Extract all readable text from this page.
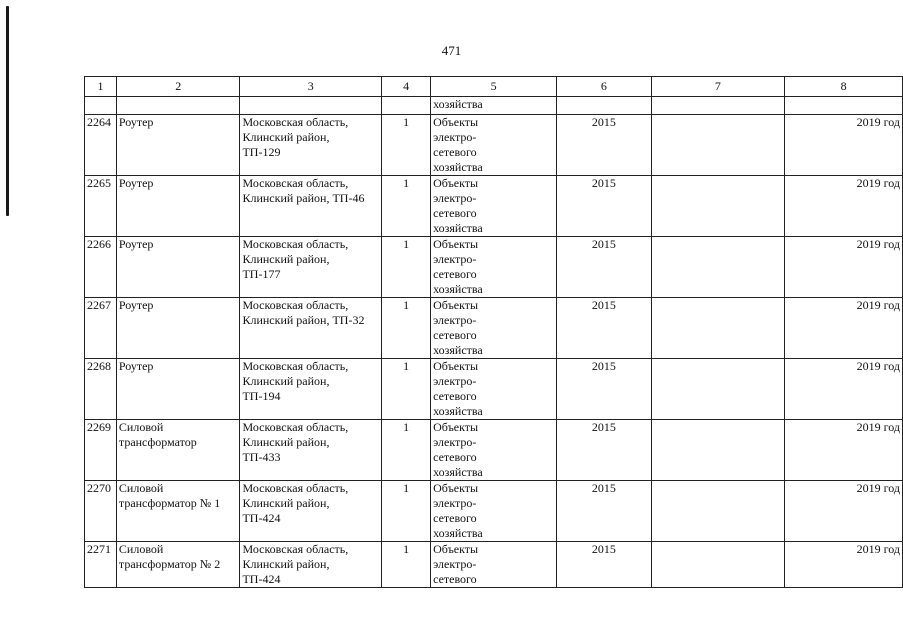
471
1	2	3	4	5	6	7	8

				хозяйства			

2264	Роутер	Московская область,
Клинский район,
ТП-129	1	Объекты
электро-
сетевого
хозяйства	2015		2019 год
2265	Роутер	Московская область,
Клинский район, ТП-46	1	Объекты
электро-
сетевого
хозяйства	2015		2019 год
2266	Роутер	Московская область,
Клинский район,
ТП-177	1	Объекты
электро-
сетевого
хозяйства	2015		2019 год
2267	Роутер	Московская область,
Клинский район, ТП-32	1	Объекты
электро-
сетевого
хозяйства	2015		2019 год
2268	Роутер	Московская область,
Клинский район,
ТП-194	1	Объекты
электро-
сетевого
хозяйства	2015		2019 год
2269	Силовой
трансформатор	Московская область,
Клинский район,
ТП-433	1	Объекты
электро-
сетевого
хозяйства	2015		2019 год
2270	Силовой
трансформатор № 1	Московская область,
Клинский район,
ТП-424	1	Объекты
электро-
сетевого
хозяйства	2015		2019 год
2271	Силовой
трансформатор № 2	Московская область,
Клинский район,
ТП-424	1	Объекты
электро-
сетевого	2015		2019 год
